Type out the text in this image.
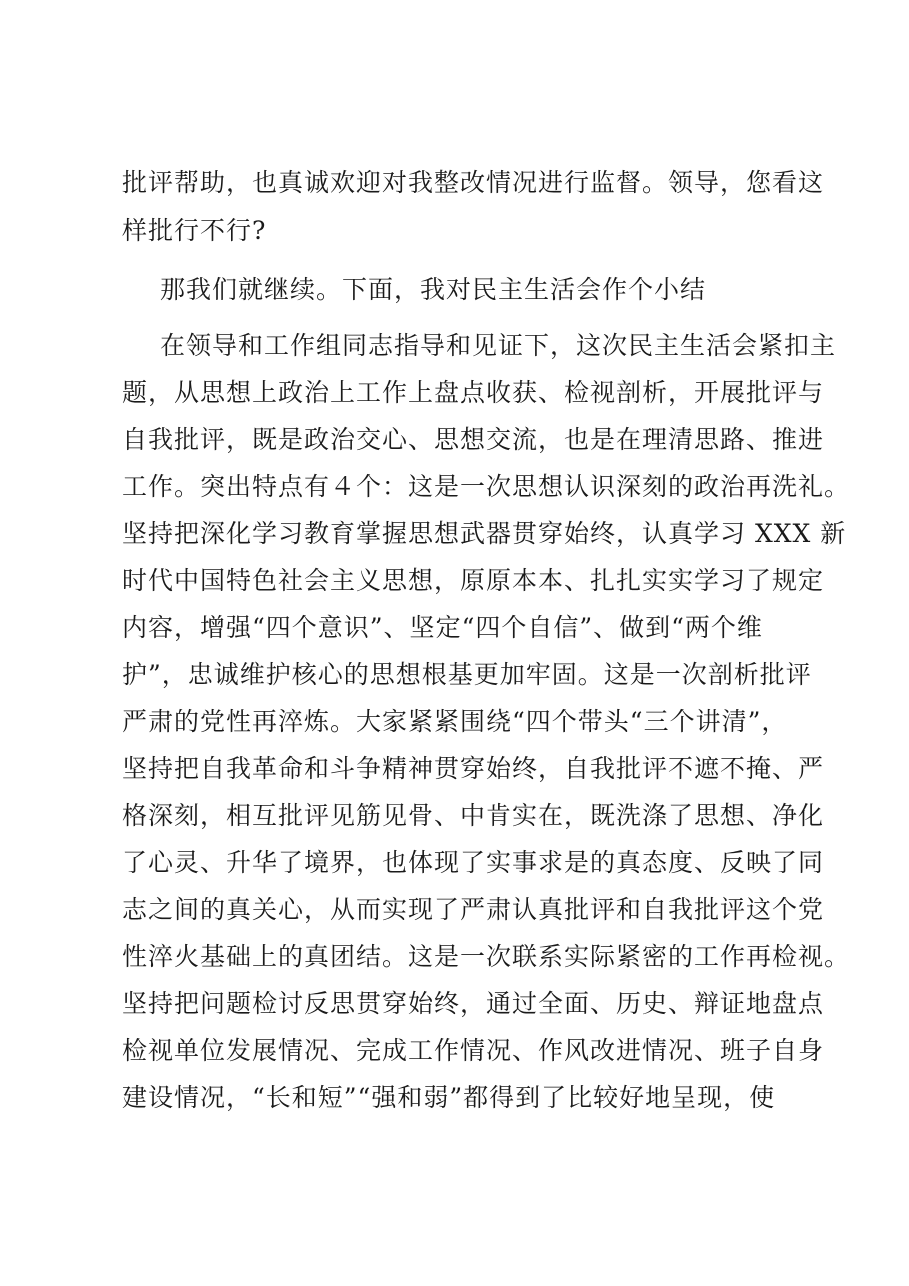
批评帮助，也真诚欢迎对我整改情况进行监督。领导，您看这
样批行不行?
那我们就继续。下面，我对民主生活会作个小结
在领导和工作组同志指导和见证下，这次民主生活会紧扣主
题，从思想上政治上工作上盘点收获、检视剖析，开展批评与
自我批评，既是政治交心、思想交流，也是在理清思路、推进
工作。突出特点有４个：这是一次思想认识深刻的政治再洗礼。
坚持把深化学习教育掌握思想武器贯穿始终，认真学习 XXX 新
时代中国特色社会主义思想，原原本本、扎扎实实学习了规定
内容，增强“四个意识”、坚定“四个自信”、做到“两个维
护”，忠诚维护核心的思想根基更加牢固。这是一次剖析批评
严肃的党性再淬炼。大家紧紧围绕“四个带头“三个讲清”，
坚持把自我革命和斗争精神贯穿始终，自我批评不遮不掩、严
格深刻，相互批评见筋见骨、中肯实在，既洗涤了思想、净化
了心灵、升华了境界，也体现了实事求是的真态度、反映了同
志之间的真关心，从而实现了严肃认真批评和自我批评这个党
性淬火基础上的真团结。这是一次联系实际紧密的工作再检视。
坚持把问题检讨反思贯穿始终，通过全面、历史、辩证地盘点
检视单位发展情况、完成工作情况、作风改进情况、班子自身
建设情况，“长和短”“强和弱”都得到了比较好地呈现，使
